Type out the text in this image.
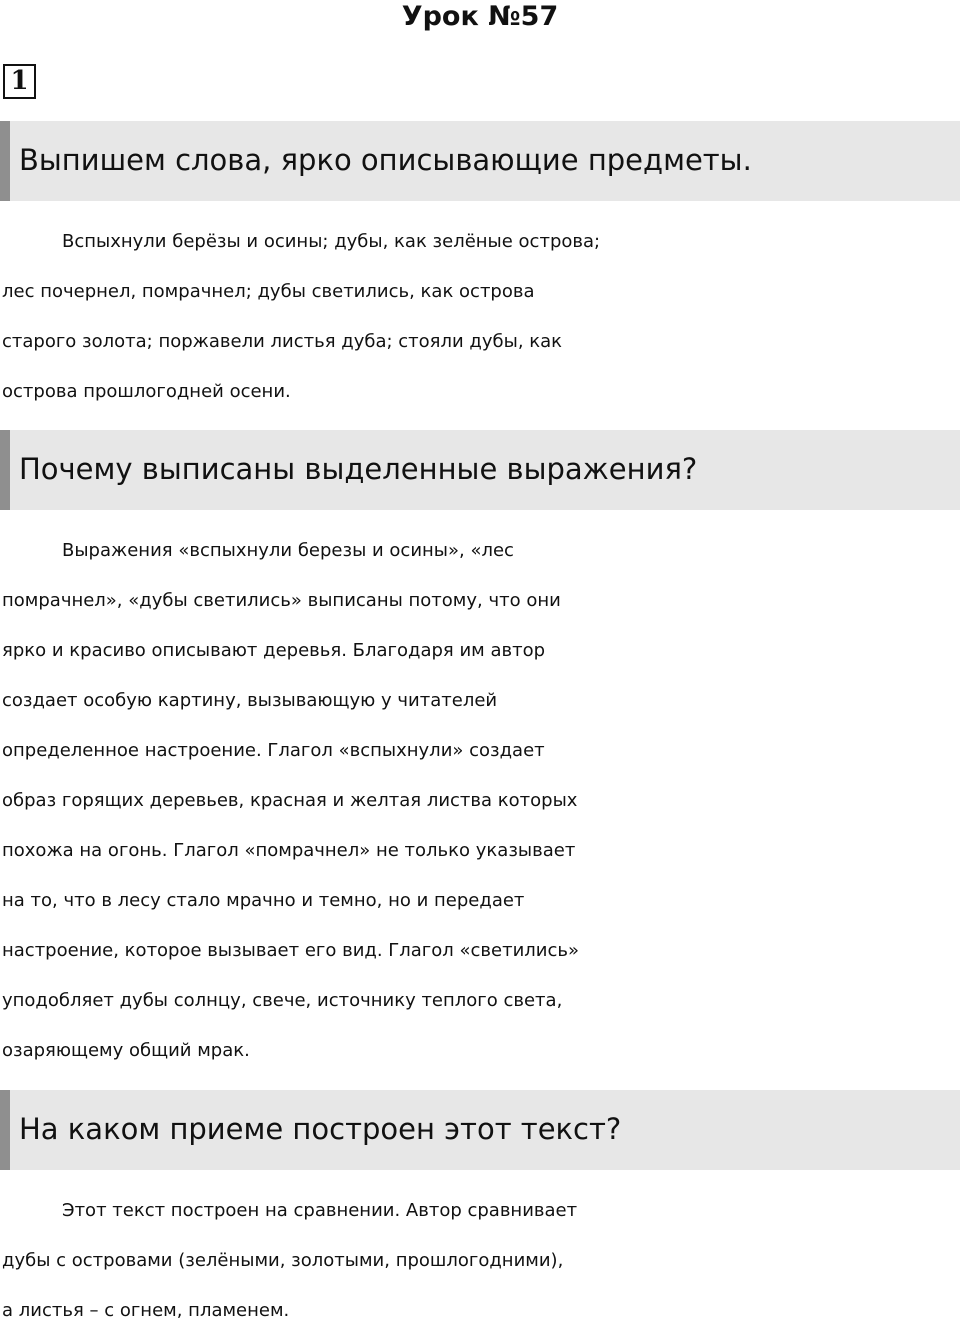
Урок №57
1
Выпишем слова, ярко описывающие предметы.
Вспыхнули берёзы и осины; дубы, как зелёные острова;
лес почернел, помрачнел; дубы светились, как острова
старого золота; поржавели листья дуба; стояли дубы, как
острова прошлогодней осени.
Почему выписаны выделенные выражения?
Выражения «вспыхнули березы и осины», «лес
помрачнел», «дубы светились» выписаны потому, что они
ярко и красиво описывают деревья. Благодаря им автор
создает особую картину, вызывающую у читателей
определенное настроение. Глагол «вспыхнули» создает
образ горящих деревьев, красная и желтая листва которых
похожа на огонь. Глагол «помрачнел» не только указывает
на то, что в лесу стало мрачно и темно, но и передает
настроение, которое вызывает его вид. Глагол «светились»
уподобляет дубы солнцу, свече, источнику теплого света,
озаряющему общий мрак.
На каком приеме построен этот текст?
Этот текст построен на сравнении. Автор сравнивает
дубы с островами (зелёными, золотыми, прошлогодними),
а листья – с огнем, пламенем.
